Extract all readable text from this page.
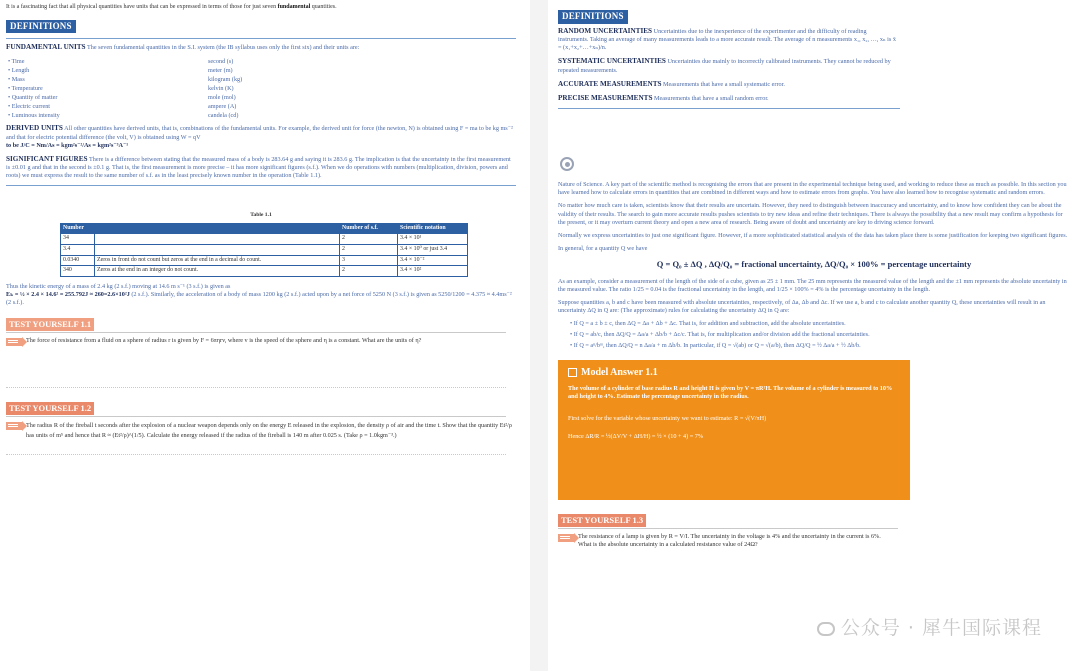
It is a fascinating fact that all physical quantities have units that can be expressed in terms of those for just seven fundamental quantities.
DEFINITIONS
FUNDAMENTAL UNITS The seven fundamental quantities in the S.I. system (the IB syllabus uses only the first six) and their units are:
• Time	second (s)
• Length	meter (m)
• Mass	kilogram (kg)
• Temperature	kelvin (K)
• Quantity of matter	mole (mol)
• Electric current	ampere (A)
• Luminous intensity	candela (cd)
DERIVED UNITS All other quantities have derived units, that is, combinations of the fundamental units. For example, the derived unit for force (the newton, N) is obtained using F = ma to be kg ms⁻² and that for electric potential difference (the volt, V) is obtained using W = qV
to be J/C = Nm/As = kgm²s⁻²/As = kgm²s⁻³A⁻¹
SIGNIFICANT FIGURES There is a difference between stating that the measured mass of a body is 283.64 g and saying it is 283.6 g. The implication is that the uncertainty in the first measurement is ±0.01 g and that in the second is ±0.1 g. That is, the first measurement is more precise – it has more significant figures (s.f.). When we do operations with numbers (multiplication, division, powers and roots) we must express the result to the same number of s.f. as in the least precisely known number in the operation (Table 1.1).
Table 1.1
Number		Number of s.f.	Scientific notation
34		2	3.4 × 10¹
3.4		2	3.4 × 10⁰ or just 3.4
0.0340	Zeros in front do not count but zeros at the end in a decimal do count.	3	3.4 × 10⁻²
340	Zeros at the end in an integer do not count.	2	3.4 × 10²
Thus the kinetic energy of a mass of 2.4 kg (2 s.f.) moving at 14.6 m s⁻¹ (3 s.f.) is given as
Eₖ = ½ × 2.4 × 14.6² = 255.792J ≈ 260=2.6×10²J (2 s.f.). Similarly, the acceleration of a body of mass 1200 kg (2 s.f.) acted upon by a net force of 5250 N (3 s.f.) is given as 5250/1200 = 4.375 ≈ 4.4ms⁻² (2 s.f.).
TEST YOURSELF 1.1
The force of resistance from a fluid on a sphere of radius r is given by F = 6πηrv, where v is the speed of the sphere and η is a constant. What are the units of η?
TEST YOURSELF 1.2
The radius R of the fireball t seconds after the explosion of a nuclear weapon depends only on the energy E released in the explosion, the density ρ of air and the time t. Show that the quantity Et²/ρ has units of m⁵ and hence that R ≈ (Et²/ρ)^(1/5). Calculate the energy released if the radius of the fireball is 140 m after 0.025 s. (Take ρ = 1.0kgm⁻³.)
DEFINITIONS
RANDOM UNCERTAINTIES Uncertainties due to the inexperience of the experimenter and the difficulty of reading instruments. Taking an average of many measurements leads to a more accurate result. The average of n measurements x₁, x₂, …, xₙ is x̄ = (x₁+x₂+…+xₙ)/n.
SYSTEMATIC UNCERTAINTIES Uncertainties due mainly to incorrectly calibrated instruments. They cannot be reduced by repeated measurements.
ACCURATE MEASUREMENTS Measurements that have a small systematic error.
PRECISE MEASUREMENTS Measurements that have a small random error.
Nature of Science. A key part of the scientific method is recognising the errors that are present in the experimental technique being used, and working to reduce these as much as possible. In this section you have learned how to calculate errors in quantities that are combined in different ways and how to estimate errors from graphs. You have also learned how to recognise systematic and random errors.
No matter how much care is taken, scientists know that their results are uncertain. However, they need to distinguish between inaccuracy and uncertainty, and to know how confident they can be about the validity of their results. The search to gain more accurate results pushes scientists to try new ideas and refine their techniques. There is always the possibility that a new result may confirm a hypothesis for the present, or it may overturn current theory and open a new area of research. Being aware of doubt and uncertainty are key to driving science forward.
Normally we express uncertainties to just one significant figure. However, if a more sophisticated statistical analysis of the data has taken place there is some justification for keeping two significant figures.
In general, for a quantity Q we have
Q = Q₀ ± ΔQ , ΔQ/Q₀ = fractional uncertainty, ΔQ/Q₀ × 100% = percentage uncertainty
As an example, consider a measurement of the length of the side of a cube, given as 25 ± 1 mm. The 25 mm represents the measured value of the length and the ±1 mm represents the absolute uncertainty in the measured value. The ratio 1/25 = 0.04 is the fractional uncertainty in the length, and 1/25 × 100% = 4% is the percentage uncertainty in the length.
Suppose quantities a, b and c have been measured with absolute uncertainties, respectively, of Δa, Δb and Δc. If we use a, b and c to calculate another quantity Q, these uncertainties will result in an uncertainty ΔQ in Q are: (The approximate) rules for calculating the uncertainty ΔQ in Q are:
• If Q = a ± b ± c, then ΔQ = Δa + Δb + Δc. That is, for addition and subtraction, add the absolute uncertainties.
• If Q = ab/c, then ΔQ/Q = Δa/a + Δb/b + Δc/c. That is, for multiplication and/or division add the fractional uncertainties.
• If Q = aⁿ/bᵐ, then ΔQ/Q = n Δa/a + m Δb/b. In particular, if Q = √(ab) or Q = √(a/b), then ΔQ/Q = ½ Δa/a + ½ Δb/b.
Model Answer 1.1
The volume of a cylinder of base radius R and height H is given by V = πR²H. The volume of a cylinder is measured to 10% and height to 4%. Estimate the percentage uncertainty in the radius.
First solve for the variable whose uncertainty we want to estimate: R = √(V/πH)
Hence ΔR/R = ½(ΔV/V + ΔH/H) = ½ × (10 + 4) = 7%
TEST YOURSELF 1.3
The resistance of a lamp is given by R = V/I. The uncertainty in the voltage is 4% and the uncertainty in the current is 6%. What is the absolute uncertainty in a calculated resistance value of 24Ω?
公众号 · 犀牛国际课程
